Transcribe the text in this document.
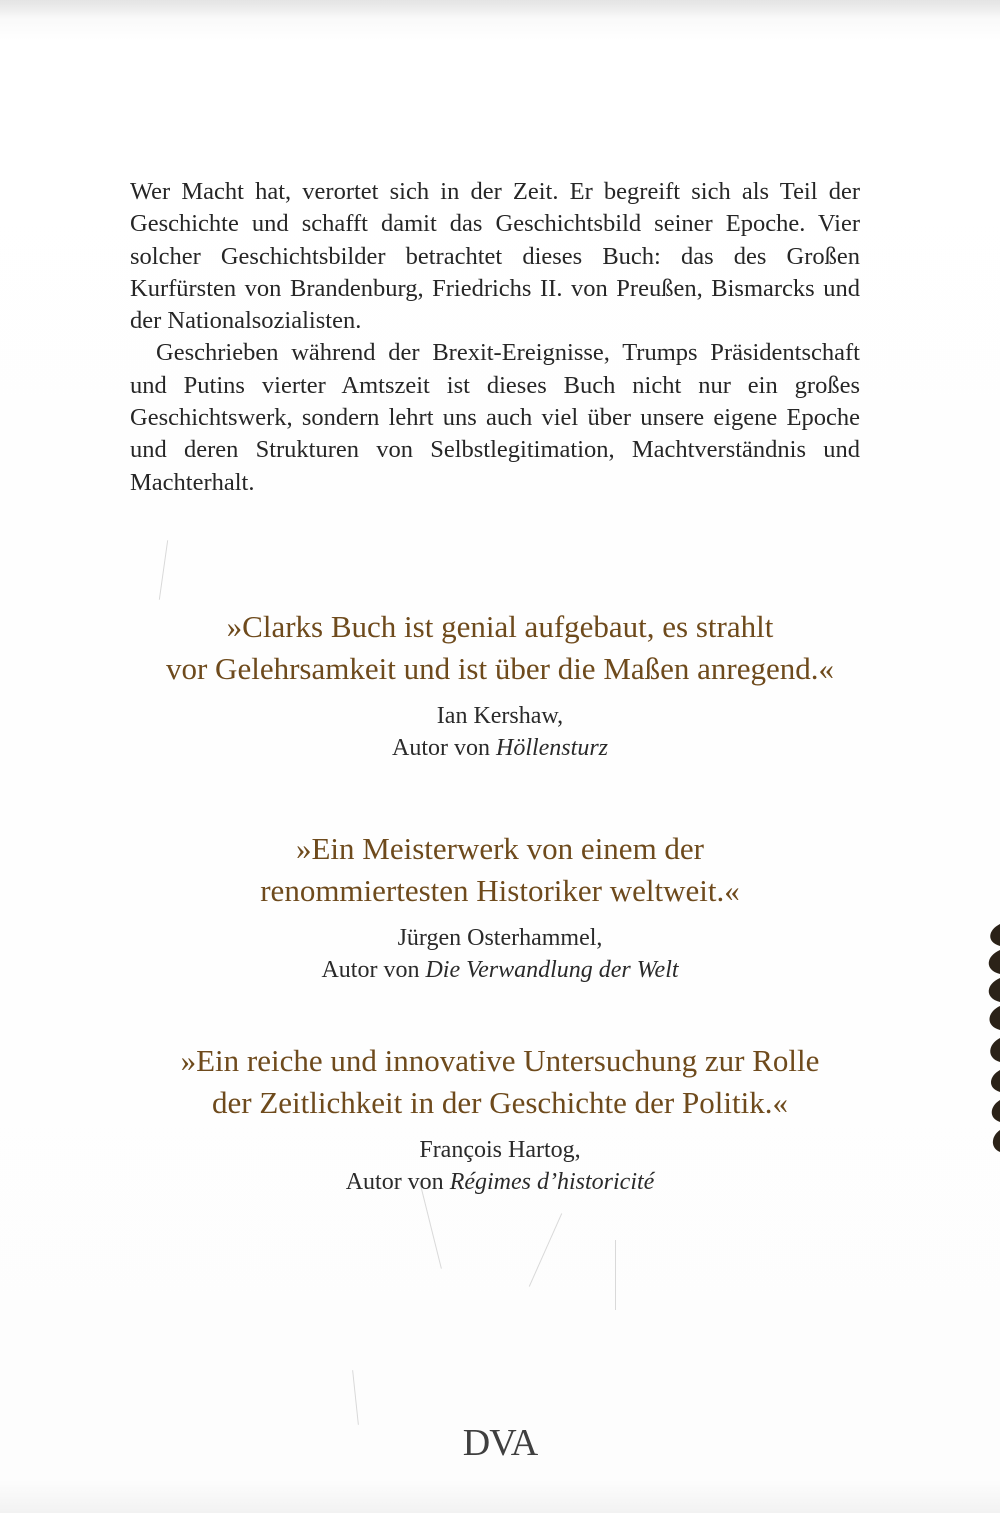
Wer Macht hat, verortet sich in der Zeit. Er begreift sich als Teil der Geschichte und schafft damit das Geschichtsbild seiner Epoche. Vier solcher Geschichtsbilder betrachtet dieses Buch: das des Großen Kurfürsten von Brandenburg, Friedrichs II. von Preußen, Bismarcks und der Nationalsozialisten.

Geschrieben während der Brexit-Ereignisse, Trumps Präsidentschaft und Putins vierter Amtszeit ist dieses Buch nicht nur ein großes Geschichtswerk, sondern lehrt uns auch viel über unsere eigene Epoche und deren Strukturen von Selbstlegitimation, Machtverständnis und Machterhalt.

»Clarks Buch ist genial aufgebaut, es strahlt
vor Gelehrsamkeit und ist über die Maßen anregend.«

Ian Kershaw,

Autor von Höllensturz

»Ein Meisterwerk von einem der
renommiertesten Historiker weltweit.«

Jürgen Osterhammel,

Autor von Die Verwandlung der Welt

»Ein reiche und innovative Untersuchung zur Rolle
der Zeitlichkeit in der Geschichte der Politik.«

François Hartog,

Autor von Régimes d’historicité

DVA
